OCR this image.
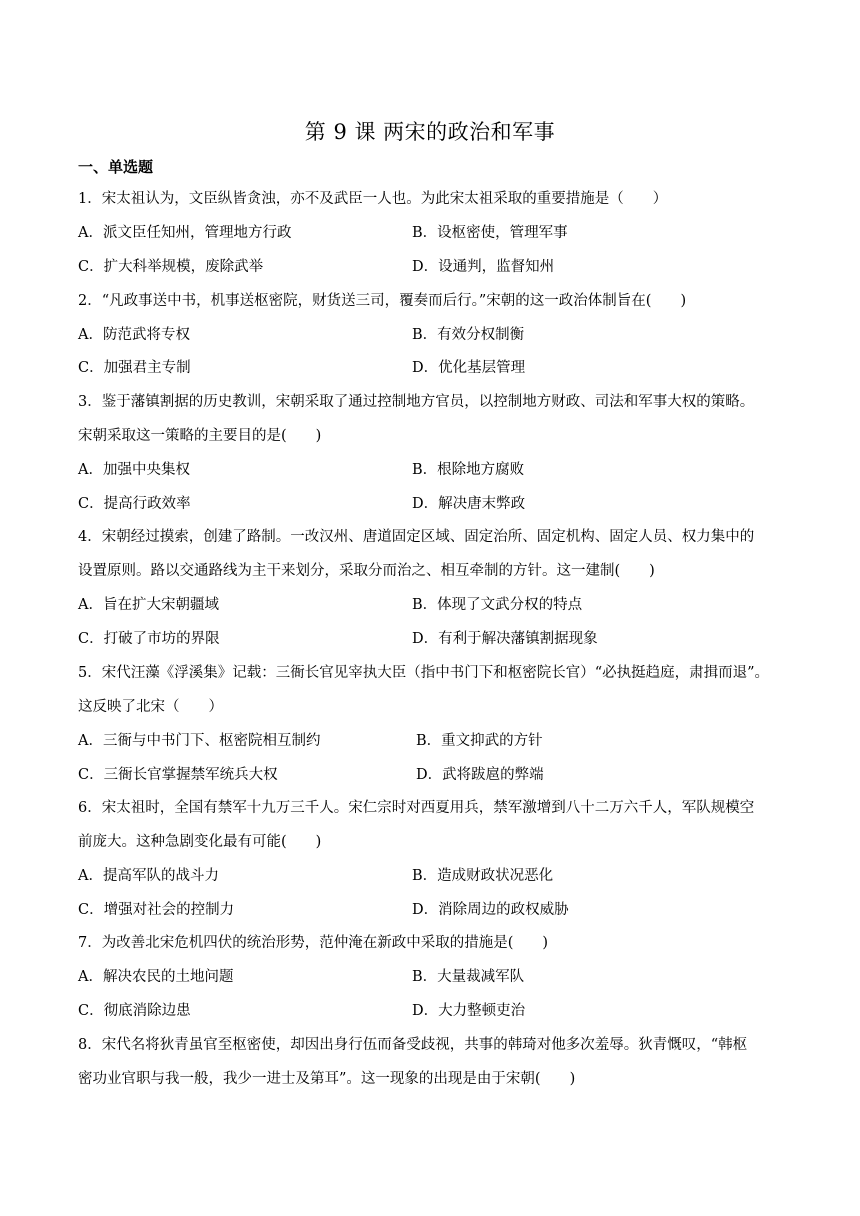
第 9 课 两宋的政治和军事
一、单选题
1．宋太祖认为，文臣纵皆贪浊，亦不及武臣一人也。为此宋太祖采取的重要措施是（　　）
A．派文臣任知州，管理地方行政	B．设枢密使，管理军事
C．扩大科举规模，废除武举	D．设通判，监督知州
2．“凡政事送中书，机事送枢密院，财货送三司，覆奏而后行。”宋朝的这一政治体制旨在(　　)
A．防范武将专权	B．有效分权制衡
C．加强君主专制	D．优化基层管理
3．鉴于藩镇割据的历史教训，宋朝采取了通过控制地方官员，以控制地方财政、司法和军事大权的策略。
宋朝采取这一策略的主要目的是(　　)
A．加强中央集权	B．根除地方腐败
C．提高行政效率	D．解决唐末弊政
4．宋朝经过摸索，创建了路制。一改汉州、唐道固定区域、固定治所、固定机构、固定人员、权力集中的
设置原则。路以交通路线为主干来划分，采取分而治之、相互牵制的方针。这一建制(　　)
A．旨在扩大宋朝疆域	B．体现了文武分权的特点
C．打破了市坊的界限	D．有利于解决藩镇割据现象
5．宋代汪藻《浮溪集》记载：三衙长官见宰执大臣（指中书门下和枢密院长官）“必执挺趋庭，肃揖而退”。
这反映了北宋（　　）
A．三衙与中书门下、枢密院相互制约	B．重文抑武的方针
C．三衙长官掌握禁军统兵大权	D．武将跋扈的弊端
6．宋太祖时，全国有禁军十九万三千人。宋仁宗时对西夏用兵，禁军激增到八十二万六千人，军队规模空
前庞大。这种急剧变化最有可能(　　)
A．提高军队的战斗力	B．造成财政状况恶化
C．增强对社会的控制力	D．消除周边的政权威胁
7．为改善北宋危机四伏的统治形势，范仲淹在新政中采取的措施是(　　)
A．解决农民的土地问题	B．大量裁减军队
C．彻底消除边患	D．大力整顿吏治
8．宋代名将狄青虽官至枢密使，却因出身行伍而备受歧视，共事的韩琦对他多次羞辱。狄青慨叹，“韩枢
密功业官职与我一般，我少一进士及第耳”。这一现象的出现是由于宋朝(　　)
